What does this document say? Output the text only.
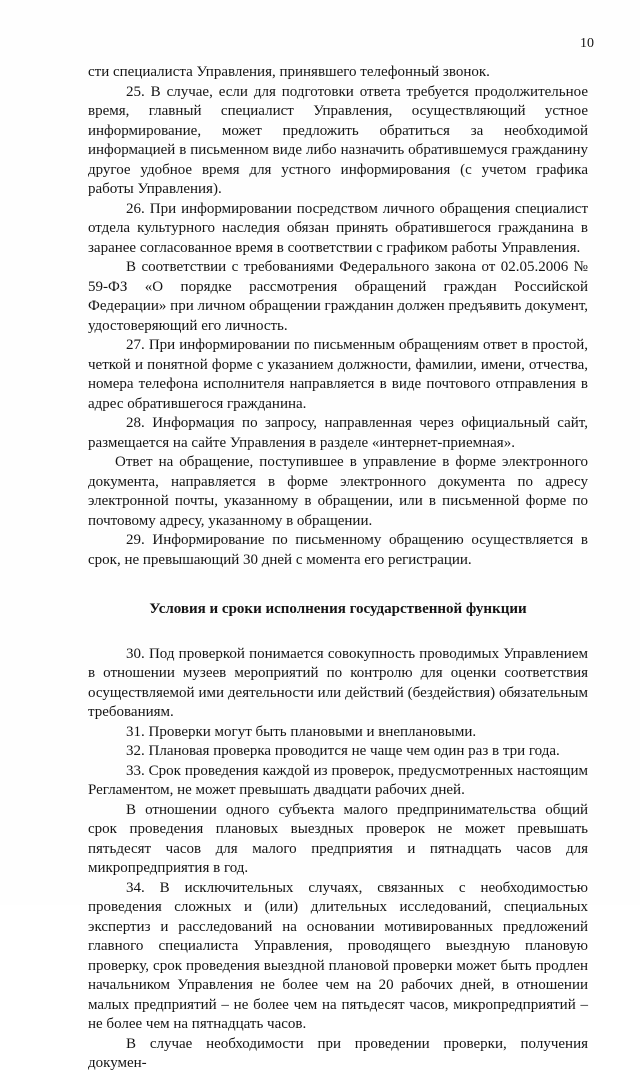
10

сти специалиста Управления, принявшего телефонный звонок.

25. В случае, если для подготовки ответа требуется продолжительное время, главный специалист Управления, осуществляющий устное информирование, может предложить обратиться за необходимой информацией в письменном виде либо назначить обратившемуся гражданину другое удобное время для устного информирования (с учетом графика работы Управления).

26. При информировании посредством личного обращения специалист отдела культурного наследия обязан принять обратившегося гражданина в заранее согласованное время в соответствии с графиком работы Управления.

В соответствии с требованиями Федерального закона от 02.05.2006 № 59-ФЗ «О порядке рассмотрения обращений граждан Российской Федерации» при личном обращении гражданин должен предъявить документ, удостоверяющий его личность.

27. При информировании по письменным обращениям ответ в простой, четкой и понятной форме с указанием должности, фамилии, имени, отчества, номера телефона исполнителя направляется в виде почтового отправления в адрес обратившегося гражданина.

28. Информация по запросу, направленная через официальный сайт, размещается на сайте Управления в разделе «интернет-приемная».

Ответ на обращение, поступившее в управление в форме электронного документа, направляется в форме электронного документа по адресу электронной почты, указанному в обращении, или в письменной форме по почтовому адресу, указанному в обращении.

29. Информирование по письменному обращению осуществляется в срок, не превышающий 30 дней с момента его регистрации.

Условия и сроки исполнения государственной функции

30. Под проверкой понимается совокупность проводимых Управлением в отношении музеев мероприятий по контролю для оценки соответствия осуществляемой ими деятельности или действий (бездействия) обязательным требованиям.

31. Проверки могут быть плановыми и внеплановыми.

32. Плановая проверка проводится не чаще чем один раз в три года.

33. Срок проведения каждой из проверок, предусмотренных настоящим Регламентом, не может превышать двадцати рабочих дней.

В отношении одного субъекта малого предпринимательства общий срок проведения плановых выездных проверок не может превышать пятьдесят часов для малого предприятия и пятнадцать часов для микропредприятия в год.

34. В исключительных случаях, связанных с необходимостью проведения сложных и (или) длительных исследований, специальных экспертиз и расследований на основании мотивированных предложений главного специалиста Управления, проводящего выездную плановую проверку, срок проведения выездной плановой проверки может быть продлен начальником Управления не более чем на 20 рабочих дней, в отношении малых предприятий – не более чем на пятьдесят часов, микропредприятий – не более чем на пятнадцать часов.

В случае необходимости при проведении проверки, получения докумен-
